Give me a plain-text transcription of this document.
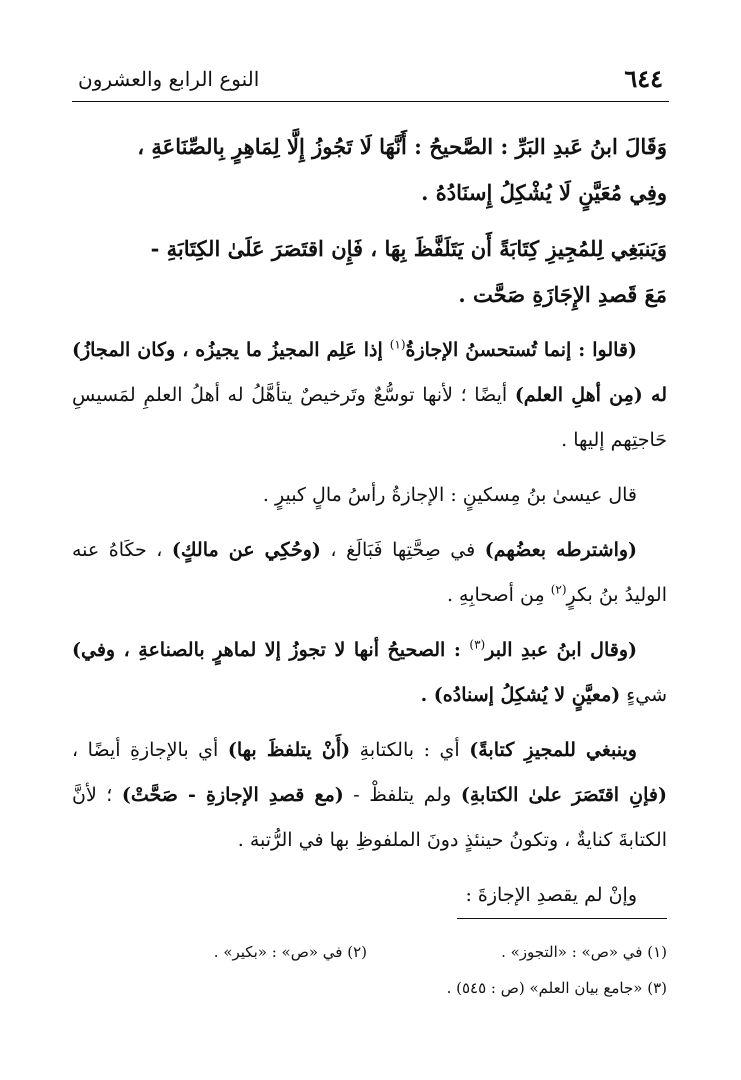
٦٤٤
النوع الرابع والعشرون

وَقَالَ ابنُ عَبدِ البَرِّ : الصَّحيحُ : أَنَّهَا لَا تَجُوزُ إِلَّا لِمَاهِرٍ بِالصِّنَاعَةِ ،

وفِي مُعَيَّنٍ لَا يُشْكِلُ إِسنَادُهُ .

وَيَنبَغِي لِلمُجِيزِ كِتَابَةً أَن يَتَلَفَّظَ بِهَا ، فَإِن اقتَصَرَ عَلَىٰ الكِتَابَةِ -

مَعَ قَصدِ الإِجَازَةِ صَحَّت .

(قالوا : إنما تُستحسنُ الإجازةُ$^{(١)}$ إذا عَلِم المجيزُ ما يجيزُه ، وكان المجازُ) له (مِن أهلِ العلم) أيضًا ؛ لأنها توسُّعٌ وتَرخيصٌ يتأهَّلُ له أهلُ العلمِ لمَسيسِ حَاجتِهم إليها .

قال عيسىٰ بنُ مِسكينٍ : الإجازةُ رأسُ مالٍ كبيرٍ .

(واشترطه بعضُهم) في صِحَّتِها فَبَالَغ ، (وحُكِي عن مالكٍ) ، حكَاهُ عنه الوليدُ بنُ بكرٍ$^{(٢)}$ مِن أصحابِهِ .

(وقال ابنُ عبدِ البر$^{(٣)}$ : الصحيحُ أنها لا تجوزُ إلا لماهرٍ بالصناعةِ ، وفي) شيءٍ (معيَّنٍ لا يُشكِلُ إسنادُه) .

وينبغي للمجيزِ كتابةً) أي : بالكتابةِ (أَنْ يتلفظَ بها) أي بالإجازةِ أيضًا ، (فإنِ اقتَصَرَ علىٰ الكتابةِ) ولم يتلفظْ - (مع قصدِ الإجازةِ - صَحَّتْ) ؛ لأنَّ الكتابةَ كنايةٌ ، وتكونُ حينئذٍ دونَ الملفوظِ بها في الرُّتبة .

وإنْ لم يقصدِ الإجازةَ :

(١) في «ص» : «التجوز» .
(٢) في «ص» : «بكير» .
(٣) «جامع بيان العلم» (ص : ٥٤٥) .
